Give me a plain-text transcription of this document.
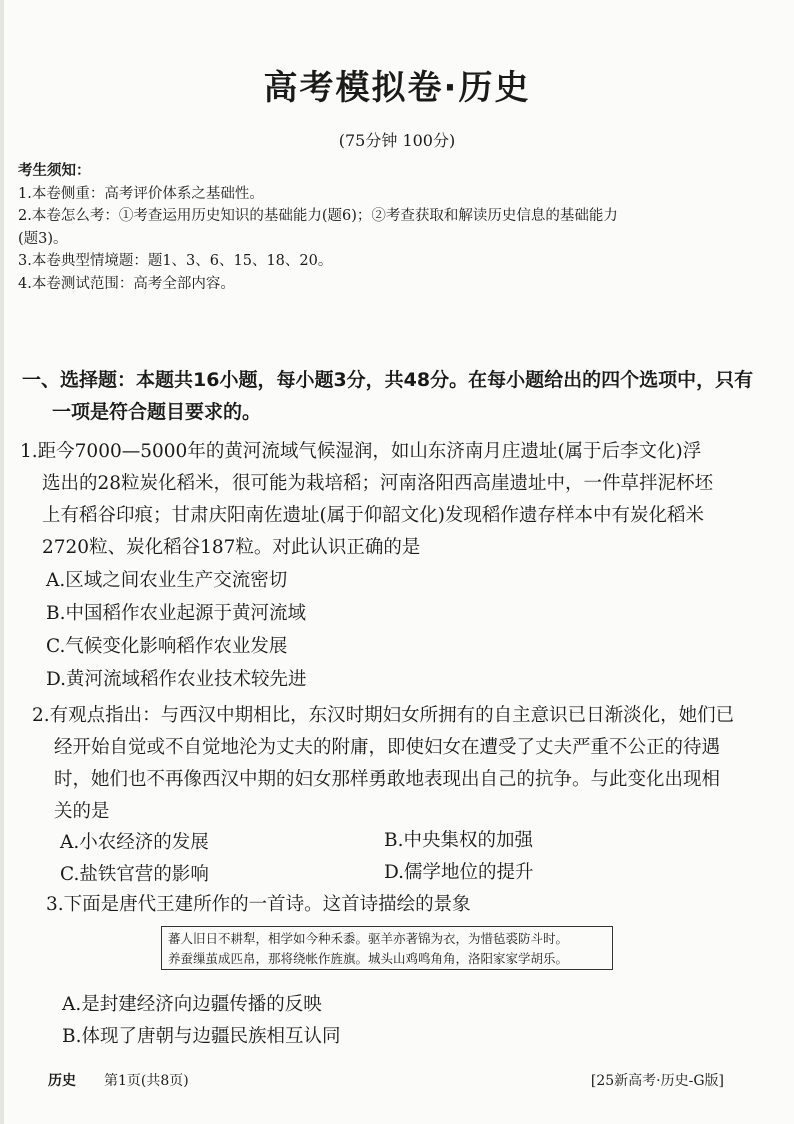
高考模拟卷·历史
(75分钟 100分)
考生须知：
1.本卷侧重：高考评价体系之基础性。
2.本卷怎么考：①考查运用历史知识的基础能力(题6)；②考查获取和解读历史信息的基础能力
(题3)。
3.本卷典型情境题：题1、3、6、15、18、20。
4.本卷测试范围：高考全部内容。
一、选择题：本题共16小题，每小题3分，共48分。在每小题给出的四个选项中，只有
一项是符合题目要求的。
1.距今7000—5000年的黄河流域气候湿润，如山东济南月庄遗址(属于后李文化)浮
选出的28粒炭化稻米，很可能为栽培稻；河南洛阳西高崖遗址中，一件草拌泥杯坯
上有稻谷印痕；甘肃庆阳南佐遗址(属于仰韶文化)发现稻作遗存样本中有炭化稻米
2720粒、炭化稻谷187粒。对此认识正确的是
A.区域之间农业生产交流密切
B.中国稻作农业起源于黄河流域
C.气候变化影响稻作农业发展
D.黄河流域稻作农业技术较先进
2.有观点指出：与西汉中期相比，东汉时期妇女所拥有的自主意识已日渐淡化，她们已
经开始自觉或不自觉地沦为丈夫的附庸，即使妇女在遭受了丈夫严重不公正的待遇
时，她们也不再像西汉中期的妇女那样勇敢地表现出自己的抗争。与此变化出现相
关的是
A.小农经济的发展	B.中央集权的加强
C.盐铁官营的影响	D.儒学地位的提升
3.下面是唐代王建所作的一首诗。这首诗描绘的景象
蕃人旧日不耕犁，相学如今种禾黍。驱羊亦著锦为衣，为惜毡裘防斗时。
养蚕缫茧成匹帛，那将绕帐作旌旗。城头山鸡鸣角角，洛阳家家学胡乐。
A.是封建经济向边疆传播的反映
B.体现了唐朝与边疆民族相互认同
历史 第1页(共8页)	[25新高考·历史-G版]
